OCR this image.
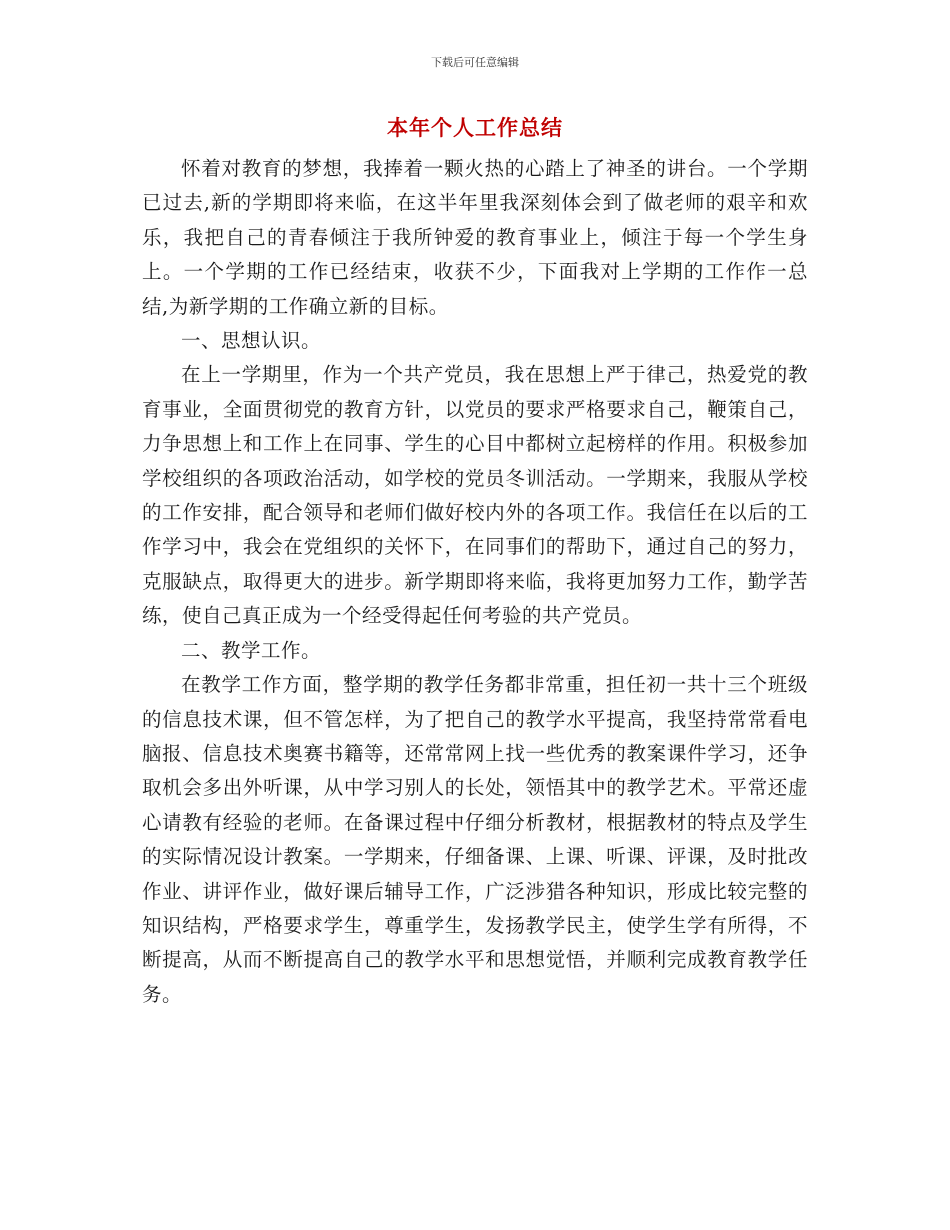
下载后可任意编辑
本年个人工作总结

怀着对教育的梦想，我捧着一颗火热的心踏上了神圣的讲台。一个学期已过去,新的学期即将来临，在这半年里我深刻体会到了做老师的艰辛和欢乐，我把自己的青春倾注于我所钟爱的教育事业上，倾注于每一个学生身上。一个学期的工作已经结束，收获不少，下面我对上学期的工作作一总结,为新学期的工作确立新的目标。

一、思想认识。

在上一学期里，作为一个共产党员，我在思想上严于律己，热爱党的教育事业，全面贯彻党的教育方针，以党员的要求严格要求自己，鞭策自己，力争思想上和工作上在同事、学生的心目中都树立起榜样的作用。积极参加学校组织的各项政治活动，如学校的党员冬训活动。一学期来，我服从学校的工作安排，配合领导和老师们做好校内外的各项工作。我信任在以后的工作学习中，我会在党组织的关怀下，在同事们的帮助下，通过自己的努力，克服缺点，取得更大的进步。新学期即将来临，我将更加努力工作，勤学苦练，使自己真正成为一个经受得起任何考验的共产党员。

二、教学工作。

在教学工作方面，整学期的教学任务都非常重，担任初一共十三个班级的信息技术课，但不管怎样，为了把自己的教学水平提高，我坚持常常看电脑报、信息技术奥赛书籍等，还常常网上找一些优秀的教案课件学习，还争取机会多出外听课，从中学习别人的长处，领悟其中的教学艺术。平常还虚心请教有经验的老师。在备课过程中仔细分析教材，根据教材的特点及学生的实际情况设计教案。一学期来，仔细备课、上课、听课、评课，及时批改作业、讲评作业，做好课后辅导工作，广泛涉猎各种知识，形成比较完整的知识结构，严格要求学生，尊重学生，发扬教学民主，使学生学有所得，不断提高，从而不断提高自己的教学水平和思想觉悟，并顺利完成教育教学任务。
